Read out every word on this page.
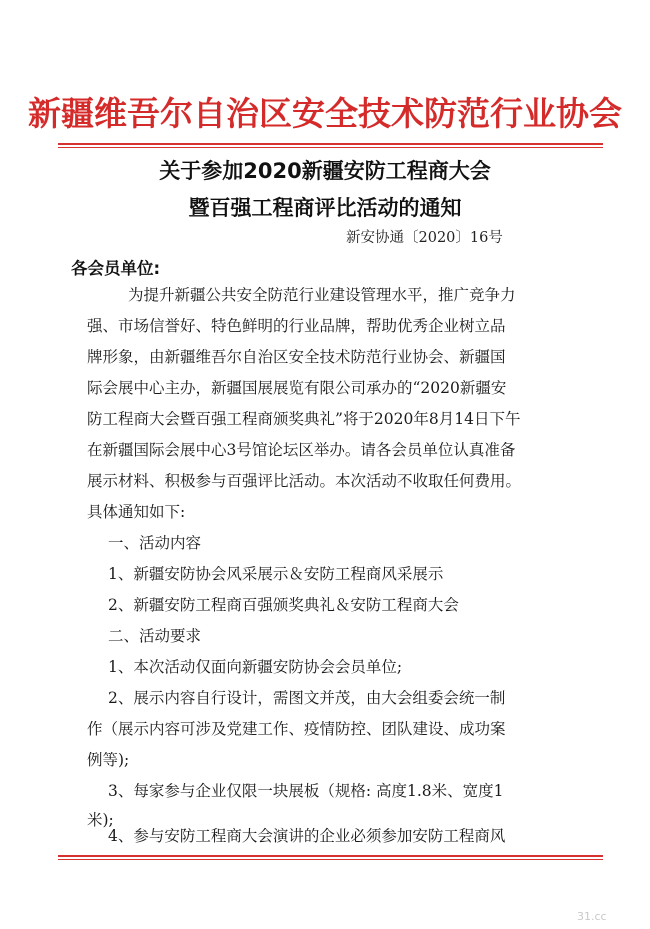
新疆维吾尔自治区安全技术防范行业协会
关于参加2020新疆安防工程商大会
暨百强工程商评比活动的通知
新安协通〔2020〕16号
各会员单位:
为提升新疆公共安全防范行业建设管理水平，推广竞争力
强、市场信誉好、特色鲜明的行业品牌，帮助优秀企业树立品
牌形象，由新疆维吾尔自治区安全技术防范行业协会、新疆国
际会展中心主办，新疆国展展览有限公司承办的“2020新疆安
防工程商大会暨百强工程商颁奖典礼”将于2020年8月14日下午
在新疆国际会展中心3号馆论坛区举办。请各会员单位认真准备
展示材料、积极参与百强评比活动。本次活动不收取任何费用。
具体通知如下:
一、活动内容
1、新疆安防协会风采展示＆安防工程商风采展示
2、新疆安防工程商百强颁奖典礼＆安防工程商大会
二、活动要求
1、本次活动仅面向新疆安防协会会员单位;
2、展示内容自行设计，需图文并茂，由大会组委会统一制
作（展示内容可涉及党建工作、疫情防控、团队建设、成功案
例等);
3、每家参与企业仅限一块展板（规格: 高度1.8米、宽度1
米);
4、参与安防工程商大会演讲的企业必须参加安防工程商风
31.cc
